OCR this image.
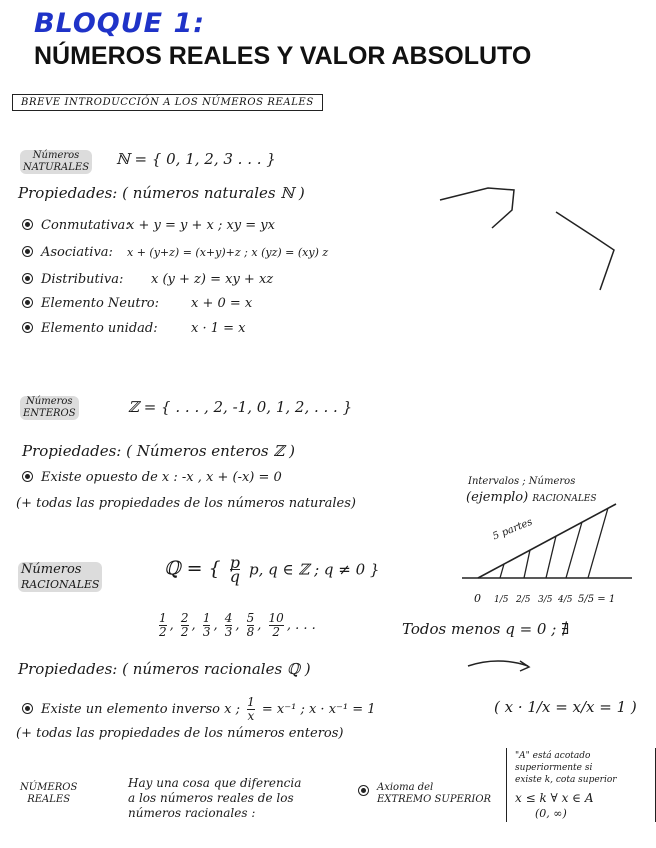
BLOQUE 1:
NÚMEROS REALES Y VALOR ABSOLUTO
BREVE INTRODUCCIÓN A LOS NÚMEROS REALES
Números
NATURALES ℕ = { 0, 1, 2, 3 . . . }
Propiedades: ( números naturales ℕ )
Conmutativa:x + y = y + x ; xy = yx
Asociativa: x + (y+z) = (x+y)+z ; x (yz) = (xy) z
Distributiva: x (y + z) = xy + xz
Elemento Neutro: x + 0 = x
Elemento unidad:	x · 1 = x
Números
ENTEROS	ℤ = { . . . , 2, -1, 0, 1, 2, . . . }
Propiedades: ( Números enteros ℤ )
Existe opuesto de x : -x , x + (-x) = 0
(+ todas las propiedades de los números naturales)
Números
RACIONALES
ℚ = { $\frac{p}{q} p$, q ∈ ℤ ; q ≠ 0 }
$\frac{1}{2}$ , $\frac{2}{2}$ , $\frac{1}{3}$ , $\frac{4}{3}$ , $\frac{5}{8}$ , $\frac{10}{2}$ , . . .	Todos menos q = 0 ; ∄
Propiedades: ( números racionales ℚ )
Existe un elemento inverso x ; $\frac{1}{x} = x^{-1}$ ; x · x⁻¹ = 1	( x · 1/x = x/x = 1 )
(+ todas las propiedades de los números enteros)
Intervalos ; Números
(ejemplo) RACIONALES
5 partes
0 1/5 2/5 3/5 4/5 5/5 = 1
NÚMEROS
REALES
Hay una cosa que diferencia
a los números reales de los
números racionales :
Axioma del
EXTREMO SUPERIOR
"A" está acotado
superiormente si
existe k, cota superior
x ≤ k ∀ x ∈ A
(0, ∞)
